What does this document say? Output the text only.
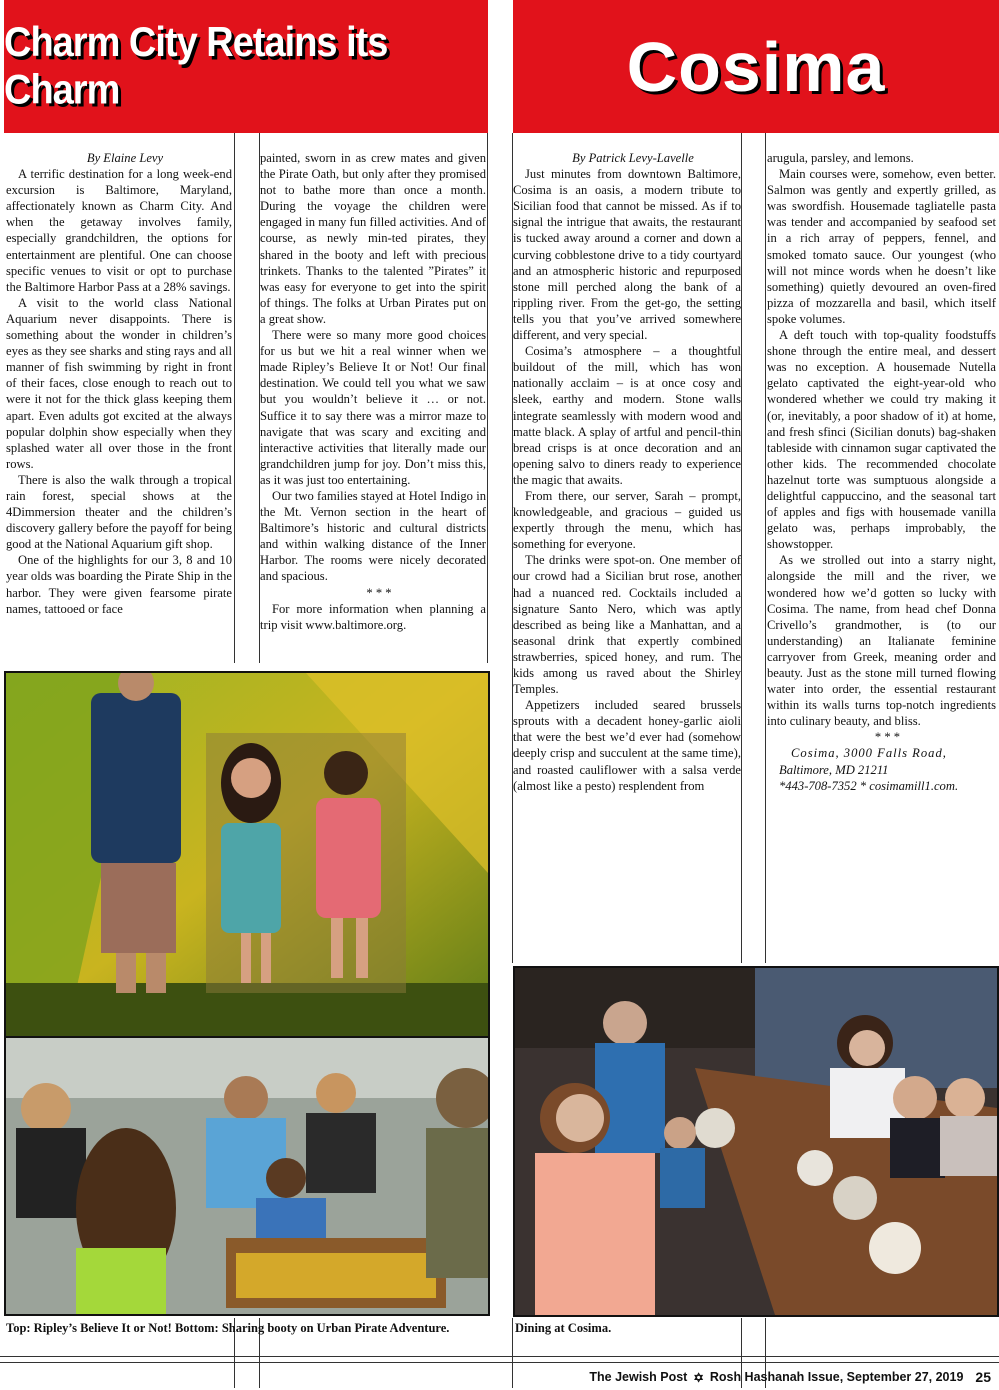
Charm City Retains its Charm	Cosima

By Elaine Levy

A terrific destination for a long week-end excursion is Baltimore, Maryland, affectionately known as Charm City. And when the getaway involves family, especially grandchildren, the options for entertainment are plentiful. One can choose specific venues to visit or opt to purchase the Baltimore Harbor Pass at a 28% savings.

A visit to the world class National Aquarium never disappoints. There is something about the wonder in children’s eyes as they see sharks and sting rays and all manner of fish swimming by right in front of their faces, close enough to reach out to were it not for the thick glass keeping them apart. Even adults got excited at the always popular dolphin show especially when they splashed water all over those in the front rows.

There is also the walk through a tropical rain forest, special shows at the 4Dimmersion theater and the children’s discovery gallery before the payoff for being good at the National Aquarium gift shop.

One of the highlights for our 3, 8 and 10 year olds was boarding the Pirate Ship in the harbor. They were given fearsome pirate names, tattooed or face

painted, sworn in as crew mates and given the Pirate Oath, but only after they promised not to bathe more than once a month. During the voyage the children were engaged in many fun filled activities. And of course, as newly min-ted pirates, they shared in the booty and left with precious trinkets. Thanks to the talented ”Pirates” it was easy for everyone to get into the spirit of things. The folks at Urban Pirates put on a great show.

There were so many more good choices for us but we hit a real winner when we made Ripley’s Believe It or Not! Our final destination. We could tell you what we saw but you wouldn’t believe it … or not. Suffice it to say there was a mirror maze to navigate that was scary and exciting and interactive activities that literally made our grandchildren jump for joy. Don’t miss this, as it was just too entertaining.

Our two families stayed at Hotel Indigo in the Mt. Vernon section in the heart of Baltimore’s historic and cultural districts and within walking distance of the Inner Harbor. The rooms were nicely decorated and spacious.

* * *

For more information when planning a trip visit www.baltimore.org.

By Patrick Levy-Lavelle

Just minutes from downtown Baltimore, Cosima is an oasis, a modern tribute to Sicilian food that cannot be missed. As if to signal the intrigue that awaits, the restaurant is tucked away around a corner and down a curving cobblestone drive to a tidy courtyard and an atmospheric historic and repurposed stone mill perched along the bank of a rippling river. From the get-go, the setting tells you that you’ve arrived somewhere different, and very special.

Cosima’s atmosphere – a thoughtful buildout of the mill, which has won nationally acclaim – is at once cosy and sleek, earthy and modern. Stone walls integrate seamlessly with modern wood and matte black. A splay of artful and pencil-thin bread crisps is at once decoration and an opening salvo to diners ready to experience the magic that awaits.

From there, our server, Sarah – prompt, knowledgeable, and gracious – guided us expertly through the menu, which has something for everyone.

The drinks were spot-on. One member of our crowd had a Sicilian brut rose, another had a nuanced red. Cocktails included a signature Santo Nero, which was aptly described as being like a Manhattan, and a seasonal drink that expertly combined strawberries, spiced honey, and rum. The kids among us raved about the Shirley Temples.

Appetizers included seared brussels sprouts with a decadent honey-garlic aioli that were the best we’d ever had (somehow deeply crisp and succulent at the same time), and roasted cauliflower with a salsa verde (almost like a pesto) resplendent from

arugula, parsley, and lemons.

Main courses were, somehow, even better. Salmon was gently and expertly grilled, as was swordfish. Housemade tagliatelle pasta was tender and accompanied by seafood set in a rich array of peppers, fennel, and smoked tomato sauce. Our youngest (who will not mince words when he doesn’t like something) quietly devoured an oven-fired pizza of mozzarella and basil, which itself spoke volumes.

A deft touch with top-quality foodstuffs shone through the entire meal, and dessert was no exception. A housemade Nutella gelato captivated the eight-year-old who wondered whether we could try making it (or, inevitably, a poor shadow of it) at home, and fresh sfinci (Sicilian donuts) bag-shaken tableside with cinnamon sugar captivated the other kids. The recommended chocolate hazelnut torte was sumptuous alongside a delightful cappuccino, and the seasonal tart of apples and figs with housemade vanilla gelato was, perhaps improbably, the showstopper.

As we strolled out into a starry night, alongside the mill and the river, we wondered how we’d gotten so lucky with Cosima. The name, from head chef Donna Crivello’s grandmother, is (to our understanding) an Italianate feminine carryover from Greek, meaning order and beauty. Just as the stone mill turned flowing water into order, the essential restaurant within its walls turns top-notch ingredients into culinary beauty, and bliss.

* * *

Cosima, 3000 Falls Road,

Baltimore, MD 21211

*443-708-7352 * cosimamill1.com.

Top: Ripley’s Believe It or Not! Bottom: Sharing booty on Urban Pirate Adventure.	Dining at Cosima.
The Jewish Post ✡ Rosh Hashanah Issue, September 27, 2019 25
